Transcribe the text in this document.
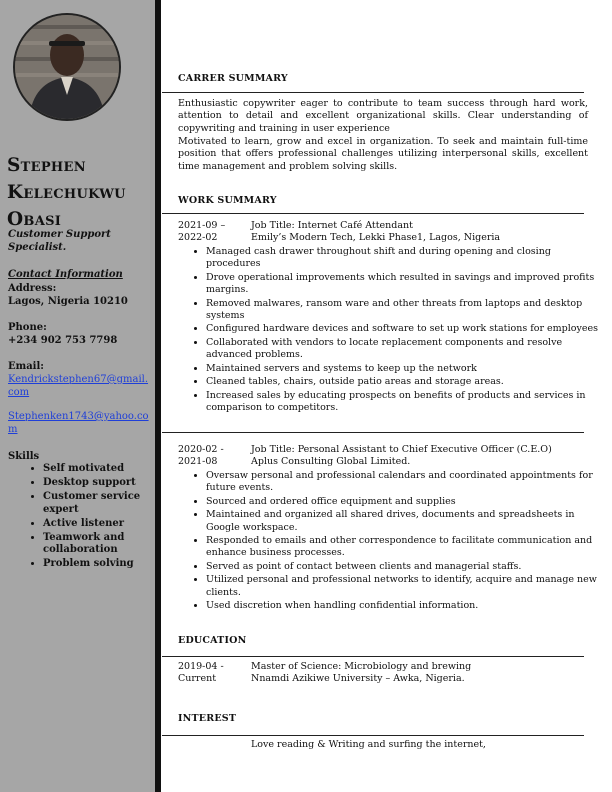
Stephen
Kelechukwu
Obasi
Customer Support Specialist.
Contact Information
Address:
Lagos, Nigeria 10210
Phone:
+234 902 753 7798
Email:
Kendrickstephen67@gmail.com
Stephenken1743@yahoo.com
Skills
• Self motivated
• Desktop support
• Customer service expert
• Active listener
• Teamwork and collaboration
• Problem solving
CARRER SUMMARY
Enthusiastic copywriter eager to contribute to team success through hard work, attention to detail and excellent organizational skills. Clear understanding of copywriting and training in user experience
Motivated to learn, grow and excel in organization. To seek and maintain full-time position that offers professional challenges utilizing interpersonal skills, excellent time management and problem solving skills.
WORK SUMMARY
2021-09 –
2022-02
Job Title: Internet Café Attendant
Emily’s Modern Tech, Lekki Phase1, Lagos, Nigeria
• Managed cash drawer throughout shift and during opening and closing procedures
• Drove operational improvements which resulted in savings and improved profits margins.
• Removed malwares, ransom ware and other threats from laptops and desktop systems
• Configured hardware devices and software to set up work stations for employees
• Collaborated with vendors to locate replacement components and resolve advanced problems.
• Maintained servers and systems to keep up the network
• Cleaned tables, chairs, outside patio areas and storage areas.
• Increased sales by educating prospects on benefits of products and services in comparison to competitors.
2020-02 -
2021-08
Job Title: Personal Assistant to Chief Executive Officer (C.E.O)
Aplus Consulting Global Limited.
• Oversaw personal and professional calendars and coordinated appointments for future events.
• Sourced and ordered office equipment and supplies
• Maintained and organized all shared drives, documents and spreadsheets in Google workspace.
• Responded to emails and other correspondence to facilitate communication and enhance business processes.
• Served as point of contact between clients and managerial staffs.
• Utilized personal and professional networks to identify, acquire and manage new clients.
• Used discretion when handling confidential information.
EDUCATION
2019-04 -
Current
Master of Science: Microbiology and brewing
Nnamdi Azikiwe University – Awka, Nigeria.
INTEREST
Love reading & Writing and surfing the internet,
